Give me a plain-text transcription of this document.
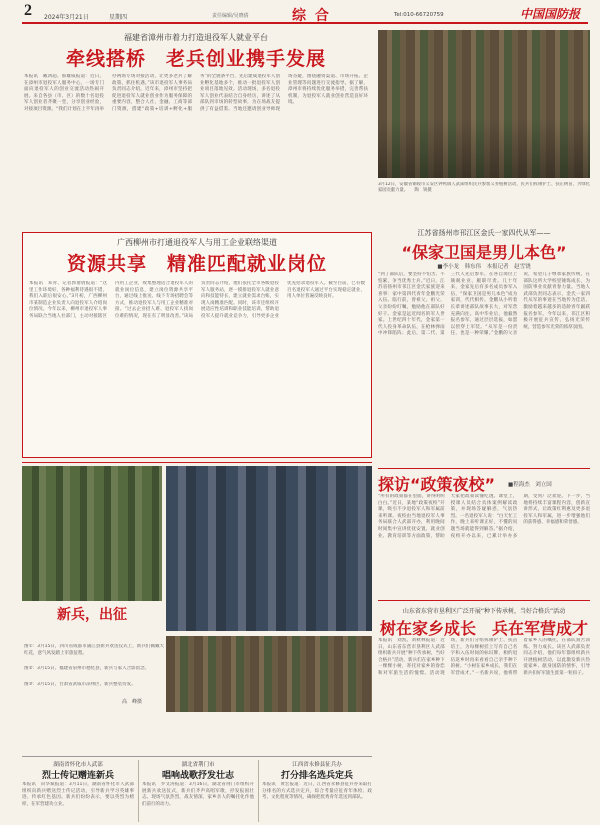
2 2024年3月21日	星期四	责任编辑/吴晓倩	综 合	Tel:010-66720759	中国国防报
福建省漳州市着力打造退役军人就业平台
牵线搭桥　老兵创业携手发展
本报讯　戴鸿超、蔡雄威报道：近日，在漳州市退役军人服务中心，一场专门面向退役军人的创业交流活动热闹开展。来自各县（市、区）的数十名退役军人创业者齐聚一堂，分享创业经验，对接项目资源。“我们计划在上半年再举办两场专场对接活动，让更多老兵了解政策、抓住机遇。”该市退役军人事务局负责同志介绍。近年来，漳州市坚持把促进退役军人就业创业作为服务保障的重要内容，整合人社、金融、工商等部门资源，搭建“政策+培训+孵化+服务”的全链条平台，先后建成退役军人创业孵化基地多个，推动一批退役军人创业项目落地见效。活动现场，多名退役军人创业代表结合自身经历，讲述了从部队到市场的转型故事，为在场战友提供了有益借鉴。当地还邀请创业导师现场答疑，围绕融资渠道、市场开拓、企业管理等问题进行交流指导。据了解，漳州市将持续优化服务举措，完善帮扶机制，为退役军人就业创业营造良好环境。
3月12日，安徽省铜陵市义安区钟鸣镇人武部组织民兵参加义务植树活动，民兵们挥锹铲土、扶正树苗，为绿化家园贡献力量。　　陶　锐摄
广西柳州市打通退役军人与用工企业联络渠道
资源共享　精准匹配就业岗位
本报讯　邓青、记者郭倩倩报道：“这里工作环境好，各种福利待遇很不错，我们入职后很安心。”3月初，广西柳州市某制造企业负责人向退役军人介绍岗位情况。今年以来，柳州市退役军人事务局联合当地人社部门，主动对接辖区内用工企业，收集整理适合退役军人的就业岗位信息，建立岗位资源共享平台，通过线上推送、线下专场招聘会等方式，推动退役军人与用工企业精准对接。“过去企业招人难、退役军人找岗位难的情况，现在有了明显改善。”该局负责同志介绍，他们依托全市各级退役军人服务站，逐一摸排退役军人就业意向和技能特长，建立就业需求台账，实现人岗精准匹配。同时，该市还组织开展适应性培训和职业技能培训，帮助退役军人提升就业竞争力，引导更多企业优先招录退役军人。截至目前，已有数百名退役军人通过平台实现稳定就业，用人单位普遍反映良好。
江苏省扬州市邗江区金氏一家四代从军——
“保家卫国是男儿本色”
■李小龙　韩东伟　本报记者　赵雪饶
“到了部队后，要坚持不怕苦、不怕累，争当优秀士兵。”近日，江苏省扬州市邗江区金氏家族迎来喜事：家中第四代青年金鹏光荣入伍。临行前，曾祖父、祖父、父亲纷纷叮嘱，勉励他在部队好好干。金家是远近闻名的军人世家。上世纪四十年代，金家第一代人投身革命队伍，在枪林弹雨中冲锋陷阵；此后，第二代、第三代人先后参军，在各自岗位上兢兢业业、履职尽责。几十年来，金家先后有多名成员参军入伍，“保家卫国是男儿本色”成为家训，代代相传。金鹏从小听着长辈讲述部队故事长大，对军营充满向往。高中毕业后，他毅然报名参军，通过层层选拔，如愿以偿穿上军装。“从军是一份责任，也是一种荣耀。”金鹏的父亲说，希望儿子继承家族传统，在部队这所大学校里锤炼成长，为国防事业贡献青春力量。当地人武部负责同志表示，金氏一家四代从军的事迹在当地传为佳话，激励着越来越多的适龄青年踊跃报名参军。今年以来，邗江区积极开展征兵宣传，弘扬光荣传统，营造参军光荣的浓厚氛围。
新兵，出征
图①：3月15日，四川省成都市蒲江县新兵欢送仪式上，新兵们佩戴大红花，意气风发踏上军旅征程。
图②：3月15日，福建省泉州市德化县，新兵与家人合影留念。
图③：3月15日，甘肃省武威市凉州区，新兵整装待发。
高　峰摄
探访“政策夜校”	■程海杰　刘立国
“所有的政策都在里面，讲得明明白白。”近日，某地“政策夜校”开课，吸引不少退役军人和军属前来听课。夜校由当地退役军人事务局联合人武部开办，利用晚间时间集中宣讲优抚安置、就业创业、教育培训等方面政策，帮助大家把政策读懂吃透。课堂上，授课人员结合具体案例解读政策，并现场答疑解惑，气氛热烈。一名退役军人说：“白天忙工作，晚上来听课正好，不懂的问题当场就能得到解答。”据介绍，夜校开办以来，已累计举办多期，受到广泛欢迎。下一步，当地将持续丰富课程内容，创新宣讲形式，让政策红利惠及更多退役军人和军属，进一步增强他们的获得感、幸福感和荣誉感。
山东省东营市垦利区广泛开展“种下传承树，当好合格兵”活动
树在家乡成长　兵在军营成才
本报讯　刘凯、刘秋林报道：近日，山东省东营市垦利区人武部组织新兵开展“种下传承树，当好合格兵”活动，新兵们在家乡种下一棵棵小树，寄托对家乡的眷恋和对军旅生活的憧憬。活动现场，新兵们分组挥锹铲土、扶苗培土，为每棵树挂上写有自己名字和入伍时间的标识牌，相约退伍返乡时再来看看自己亲手种下的树。“小树在家乡成长，我们在军营成才。”一名新兵说，他将带着家乡人的嘱托，在部队刻苦训练、努力成长。该区人武部负责同志介绍，他们每年都组织新兵开展植树活动，以此激发新兵热爱家乡、献身国防的情怀，引导新兵扣好军旅生涯第一粒扣子。
湖南省怀化市人武部
烈士传记赠连新兵
本报讯　向华斌报道：3月11日，湖南省怀化市人武部组织向新兵赠送烈士传记活动，引导新兵学习英雄事迹、传承红色基因。新兵们纷纷表示，要以英烈为榜样，在军营建功立业。
湖北省荆门市
唱响战歌抒发壮志
本报讯　罗文涛报道：3月16日，湖北省荆门市组织开展新兵欢送仪式，新兵们齐声高唱军歌，抒发报国壮志。现场气氛热烈，战友情深，家乡亲人的嘱托化作他们前行的动力。
江西省永修县征兵办
打分排名选兵定兵
本报讯　黄宏报道：近日，江西省永修县征兵办采取打分排名的方式选兵定兵，综合考量应征青年体检、政考、文化程度等情况，确保把优秀青年选送到部队。
